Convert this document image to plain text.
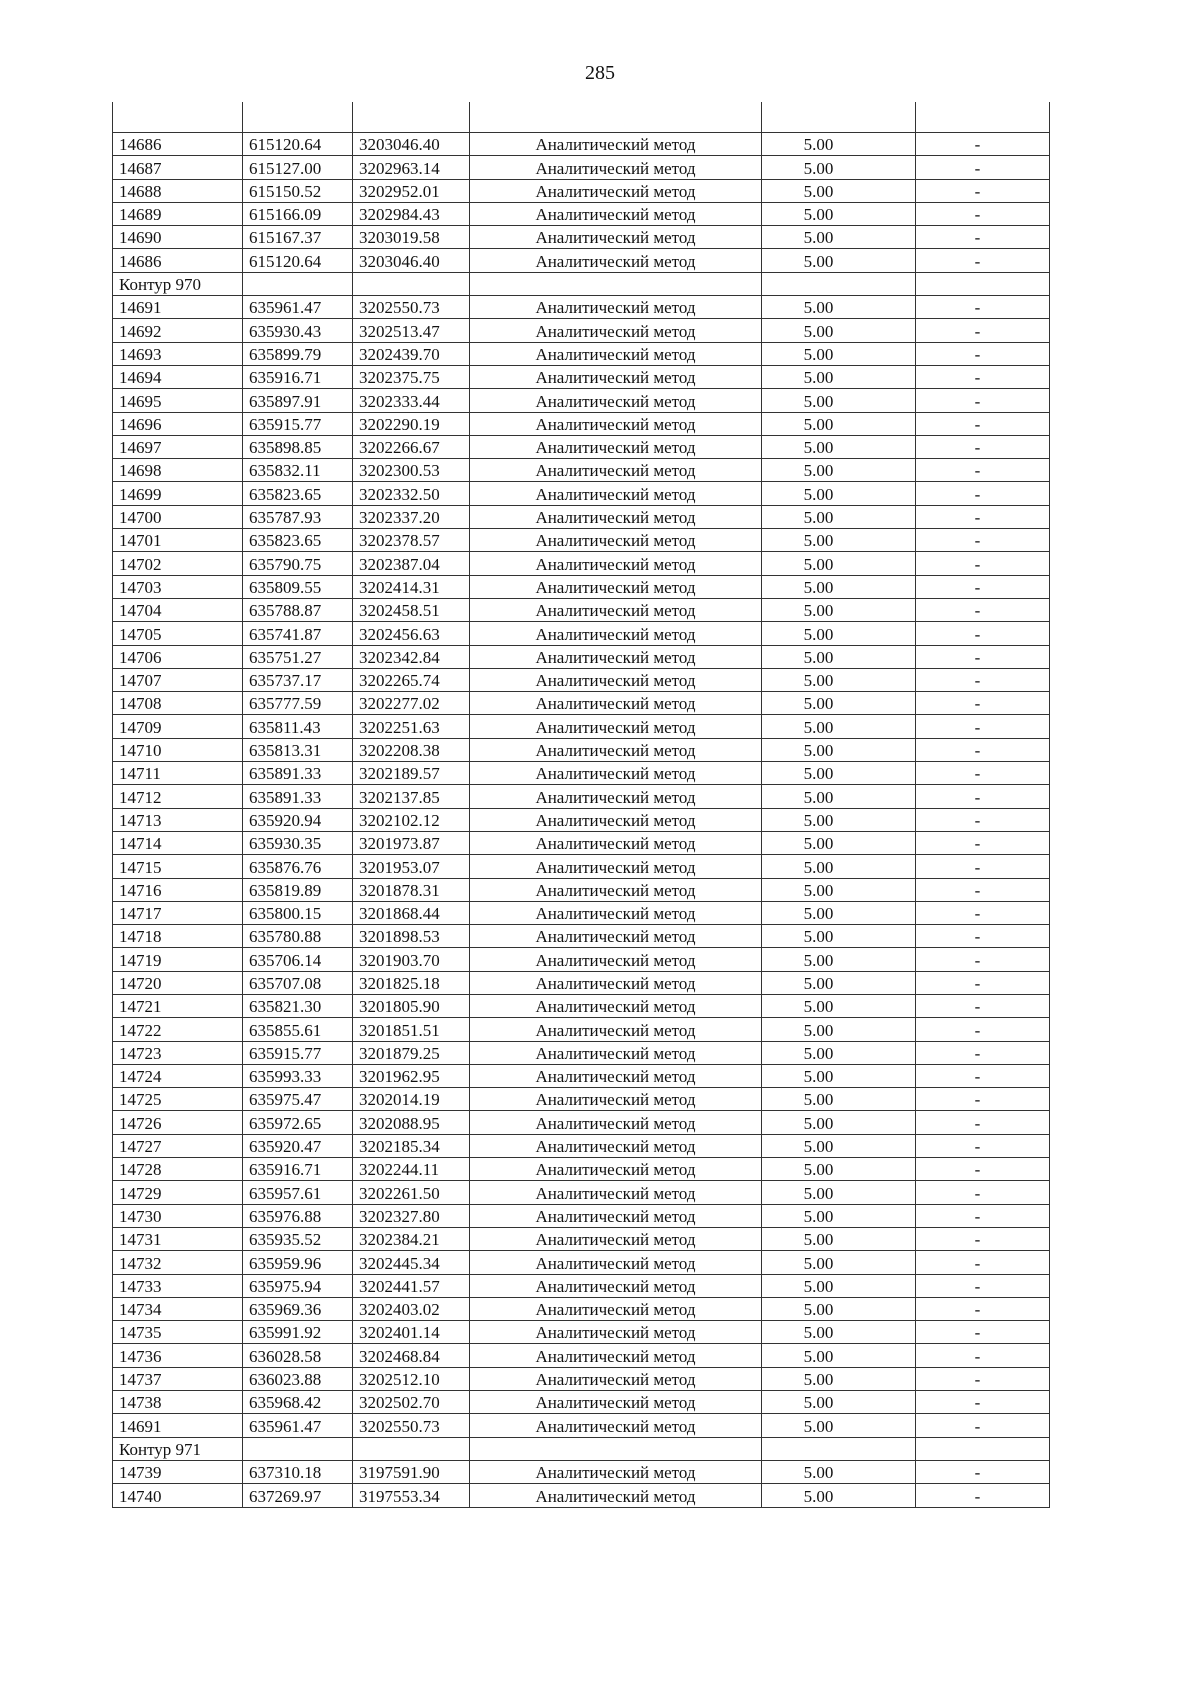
285

14686	615120.64	3203046.40	Аналитический метод	5.00	-
14687	615127.00	3202963.14	Аналитический метод	5.00	-
14688	615150.52	3202952.01	Аналитический метод	5.00	-
14689	615166.09	3202984.43	Аналитический метод	5.00	-
14690	615167.37	3203019.58	Аналитический метод	5.00	-
14686	615120.64	3203046.40	Аналитический метод	5.00	-
Контур 970					
14691	635961.47	3202550.73	Аналитический метод	5.00	-
14692	635930.43	3202513.47	Аналитический метод	5.00	-
14693	635899.79	3202439.70	Аналитический метод	5.00	-
14694	635916.71	3202375.75	Аналитический метод	5.00	-
14695	635897.91	3202333.44	Аналитический метод	5.00	-
14696	635915.77	3202290.19	Аналитический метод	5.00	-
14697	635898.85	3202266.67	Аналитический метод	5.00	-
14698	635832.11	3202300.53	Аналитический метод	5.00	-
14699	635823.65	3202332.50	Аналитический метод	5.00	-
14700	635787.93	3202337.20	Аналитический метод	5.00	-
14701	635823.65	3202378.57	Аналитический метод	5.00	-
14702	635790.75	3202387.04	Аналитический метод	5.00	-
14703	635809.55	3202414.31	Аналитический метод	5.00	-
14704	635788.87	3202458.51	Аналитический метод	5.00	-
14705	635741.87	3202456.63	Аналитический метод	5.00	-
14706	635751.27	3202342.84	Аналитический метод	5.00	-
14707	635737.17	3202265.74	Аналитический метод	5.00	-
14708	635777.59	3202277.02	Аналитический метод	5.00	-
14709	635811.43	3202251.63	Аналитический метод	5.00	-
14710	635813.31	3202208.38	Аналитический метод	5.00	-
14711	635891.33	3202189.57	Аналитический метод	5.00	-
14712	635891.33	3202137.85	Аналитический метод	5.00	-
14713	635920.94	3202102.12	Аналитический метод	5.00	-
14714	635930.35	3201973.87	Аналитический метод	5.00	-
14715	635876.76	3201953.07	Аналитический метод	5.00	-
14716	635819.89	3201878.31	Аналитический метод	5.00	-
14717	635800.15	3201868.44	Аналитический метод	5.00	-
14718	635780.88	3201898.53	Аналитический метод	5.00	-
14719	635706.14	3201903.70	Аналитический метод	5.00	-
14720	635707.08	3201825.18	Аналитический метод	5.00	-
14721	635821.30	3201805.90	Аналитический метод	5.00	-
14722	635855.61	3201851.51	Аналитический метод	5.00	-
14723	635915.77	3201879.25	Аналитический метод	5.00	-
14724	635993.33	3201962.95	Аналитический метод	5.00	-
14725	635975.47	3202014.19	Аналитический метод	5.00	-
14726	635972.65	3202088.95	Аналитический метод	5.00	-
14727	635920.47	3202185.34	Аналитический метод	5.00	-
14728	635916.71	3202244.11	Аналитический метод	5.00	-
14729	635957.61	3202261.50	Аналитический метод	5.00	-
14730	635976.88	3202327.80	Аналитический метод	5.00	-
14731	635935.52	3202384.21	Аналитический метод	5.00	-
14732	635959.96	3202445.34	Аналитический метод	5.00	-
14733	635975.94	3202441.57	Аналитический метод	5.00	-
14734	635969.36	3202403.02	Аналитический метод	5.00	-
14735	635991.92	3202401.14	Аналитический метод	5.00	-
14736	636028.58	3202468.84	Аналитический метод	5.00	-
14737	636023.88	3202512.10	Аналитический метод	5.00	-
14738	635968.42	3202502.70	Аналитический метод	5.00	-
14691	635961.47	3202550.73	Аналитический метод	5.00	-
Контур 971					
14739	637310.18	3197591.90	Аналитический метод	5.00	-
14740	637269.97	3197553.34	Аналитический метод	5.00	-
